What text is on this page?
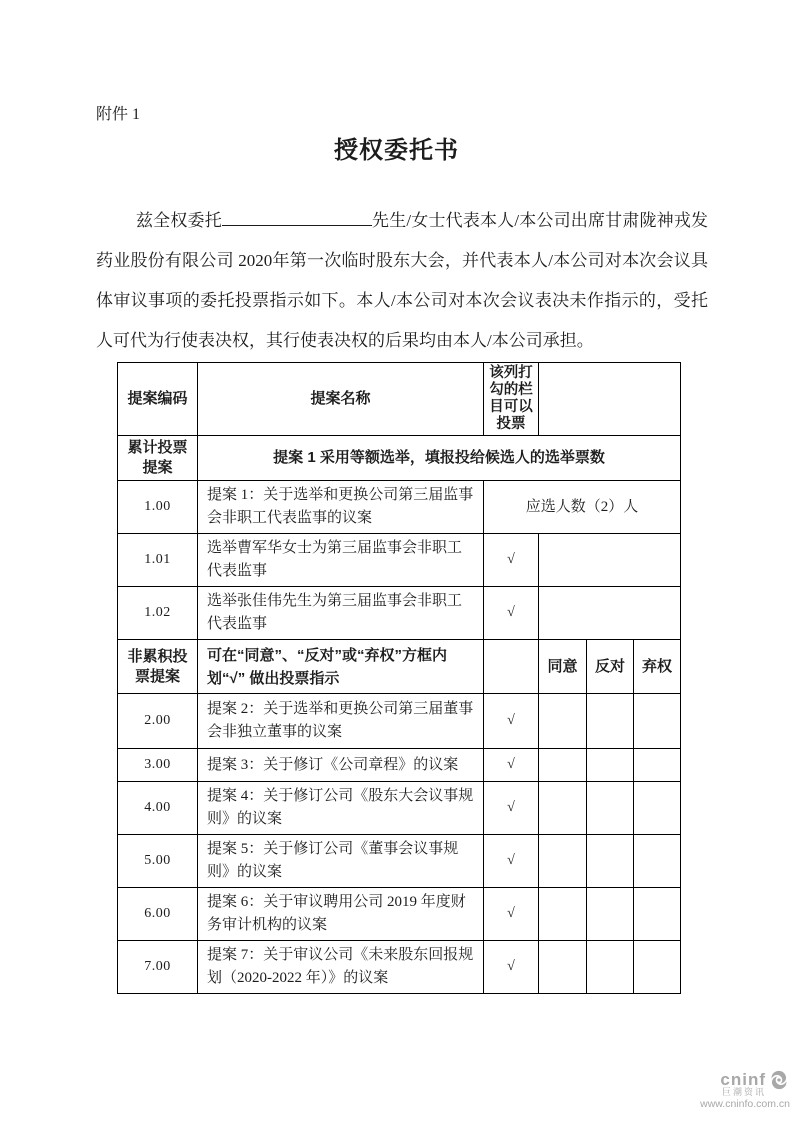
附件 1
授权委托书

兹全权委托	先生/女士代表本人/本公司出席甘肃陇神戎发药业股份有限公司 2020年第一次临时股东大会，并代表本人/本公司对本次会议具体审议事项的委托投票指示如下。本人/本公司对本次会议表决未作指示的，受托人可代为行使表决权，其行使表决权的后果均由本人/本公司承担。

提案编码	提案名称	该列打勾的栏目可以投票			
累计投票提案	提案 1 采用等额选举，填报投给候选人的选举票数				
1.00	提案 1：关于选举和更换公司第三届监事会非职工代表监事的议案	应选人数（2）人			
1.01	选举曹军华女士为第三届监事会非职工代表监事	√			
1.02	选举张佳伟先生为第三届监事会非职工代表监事	√			
非累积投票提案	可在“同意”、“反对”或“弃权”方框内划“√” 做出投票指示		同意	反对	弃权
2.00	提案 2：关于选举和更换公司第三届董事会非独立董事的议案	√			
3.00	提案 3：关于修订《公司章程》的议案	√			
4.00	提案 4：关于修订公司《股东大会议事规则》的议案	√			
5.00	提案 5：关于修订公司《董事会议事规则》的议案	√			
6.00	提案 6：关于审议聘用公司 2019 年度财务审计机构的议案	√			
7.00	提案 7：关于审议公司《未来股东回报规划（2020-2022 年）》的议案	√			
cninf
巨潮资讯
www.cninfo.com.cn
